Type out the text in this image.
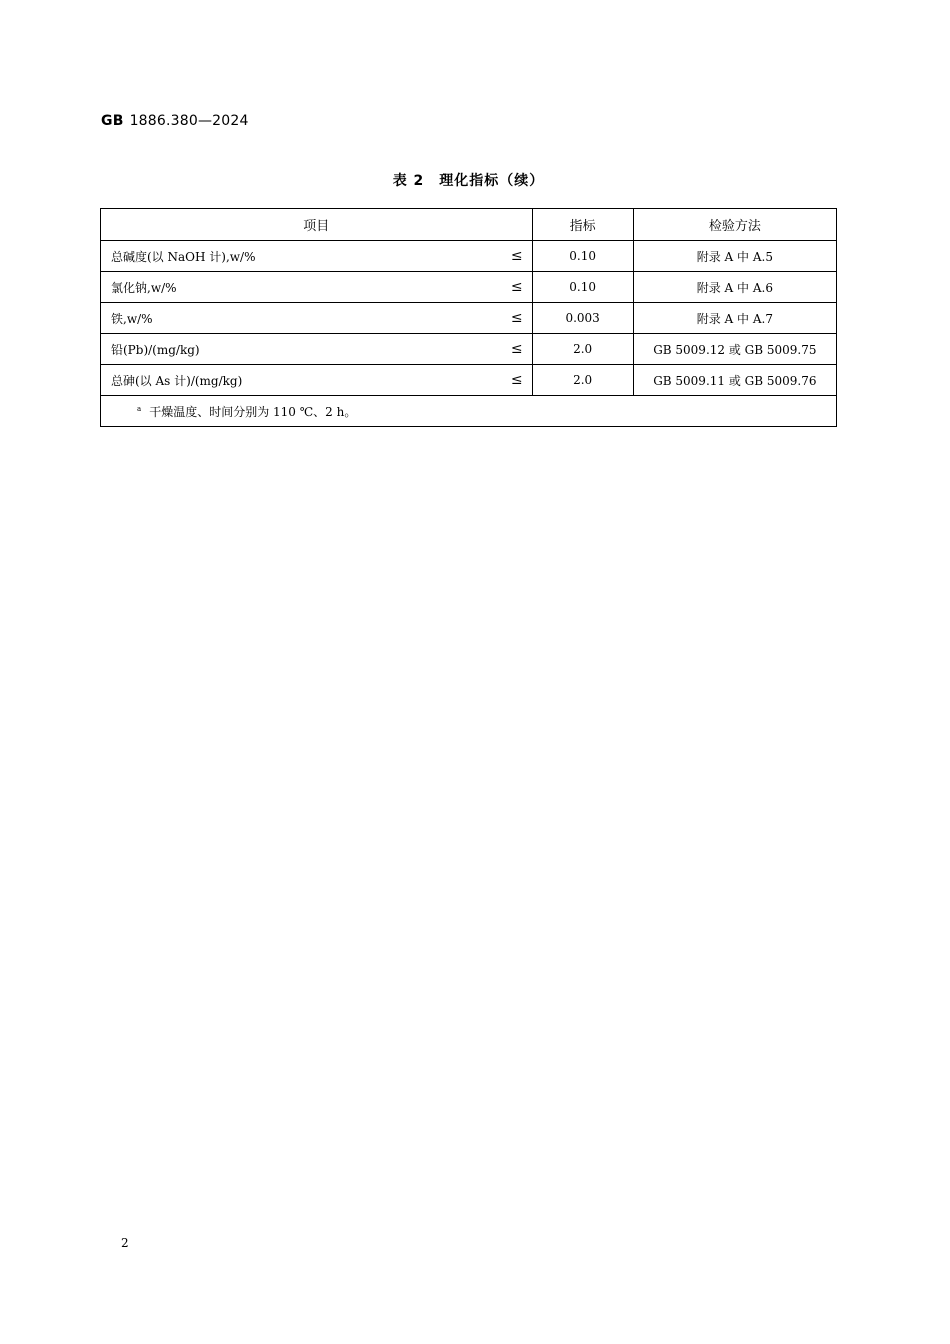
GB 1886.380—2024
表 2　理化指标（续）
项目	指标	检验方法
总碱度(以 NaOH 计),w/% ≤	0.10	附录 A 中 A.5
氯化钠,w/% ≤	0.10	附录 A 中 A.6
铁,w/% ≤	0.003	附录 A 中 A.7
铅(Pb)/(mg/kg) ≤	2.0	GB 5009.12 或 GB 5009.75
总砷(以 As 计)/(mg/kg) ≤	2.0	GB 5009.11 或 GB 5009.76
$^a$ 干燥温度、时间分别为 110 ℃、2 h。		
2
